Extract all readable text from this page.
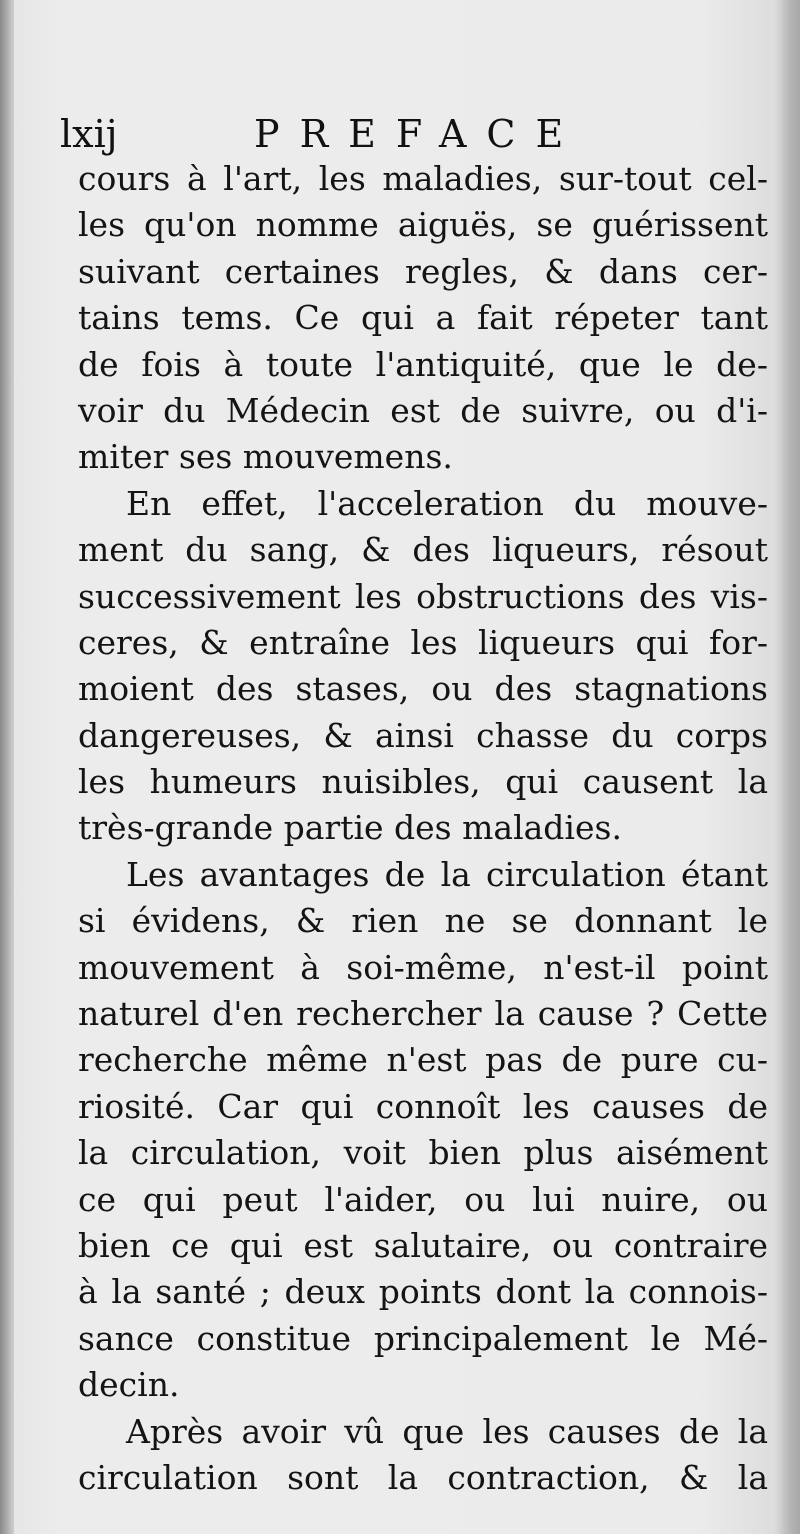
lxij	PREFACE
cours à l'art, les maladies, sur-tout cel-
les qu'on nomme aiguës, se guérissent
suivant certaines regles, & dans cer-
tains tems. Ce qui a fait répeter tant
de fois à toute l'antiquité, que le de-
voir du Médecin est de suivre, ou d'i-
miter ses mouvemens.
En effet, l'acceleration du mouve-
ment du sang, & des liqueurs, résout
successivement les obstructions des vis-
ceres, & entraîne les liqueurs qui for-
moient des stases, ou des stagnations
dangereuses, & ainsi chasse du corps
les humeurs nuisibles, qui causent la
très-grande partie des maladies.
Les avantages de la circulation étant
si évidens, & rien ne se donnant le
mouvement à soi-même, n'est-il point
naturel d'en rechercher la cause ? Cette
recherche même n'est pas de pure cu-
riosité. Car qui connoît les causes de
la circulation, voit bien plus aisément
ce qui peut l'aider, ou lui nuire, ou
bien ce qui est salutaire, ou contraire
à la santé ; deux points dont la connois-
sance constitue principalement le Mé-
decin.
Après avoir vû que les causes de la
circulation sont la contraction, & la
